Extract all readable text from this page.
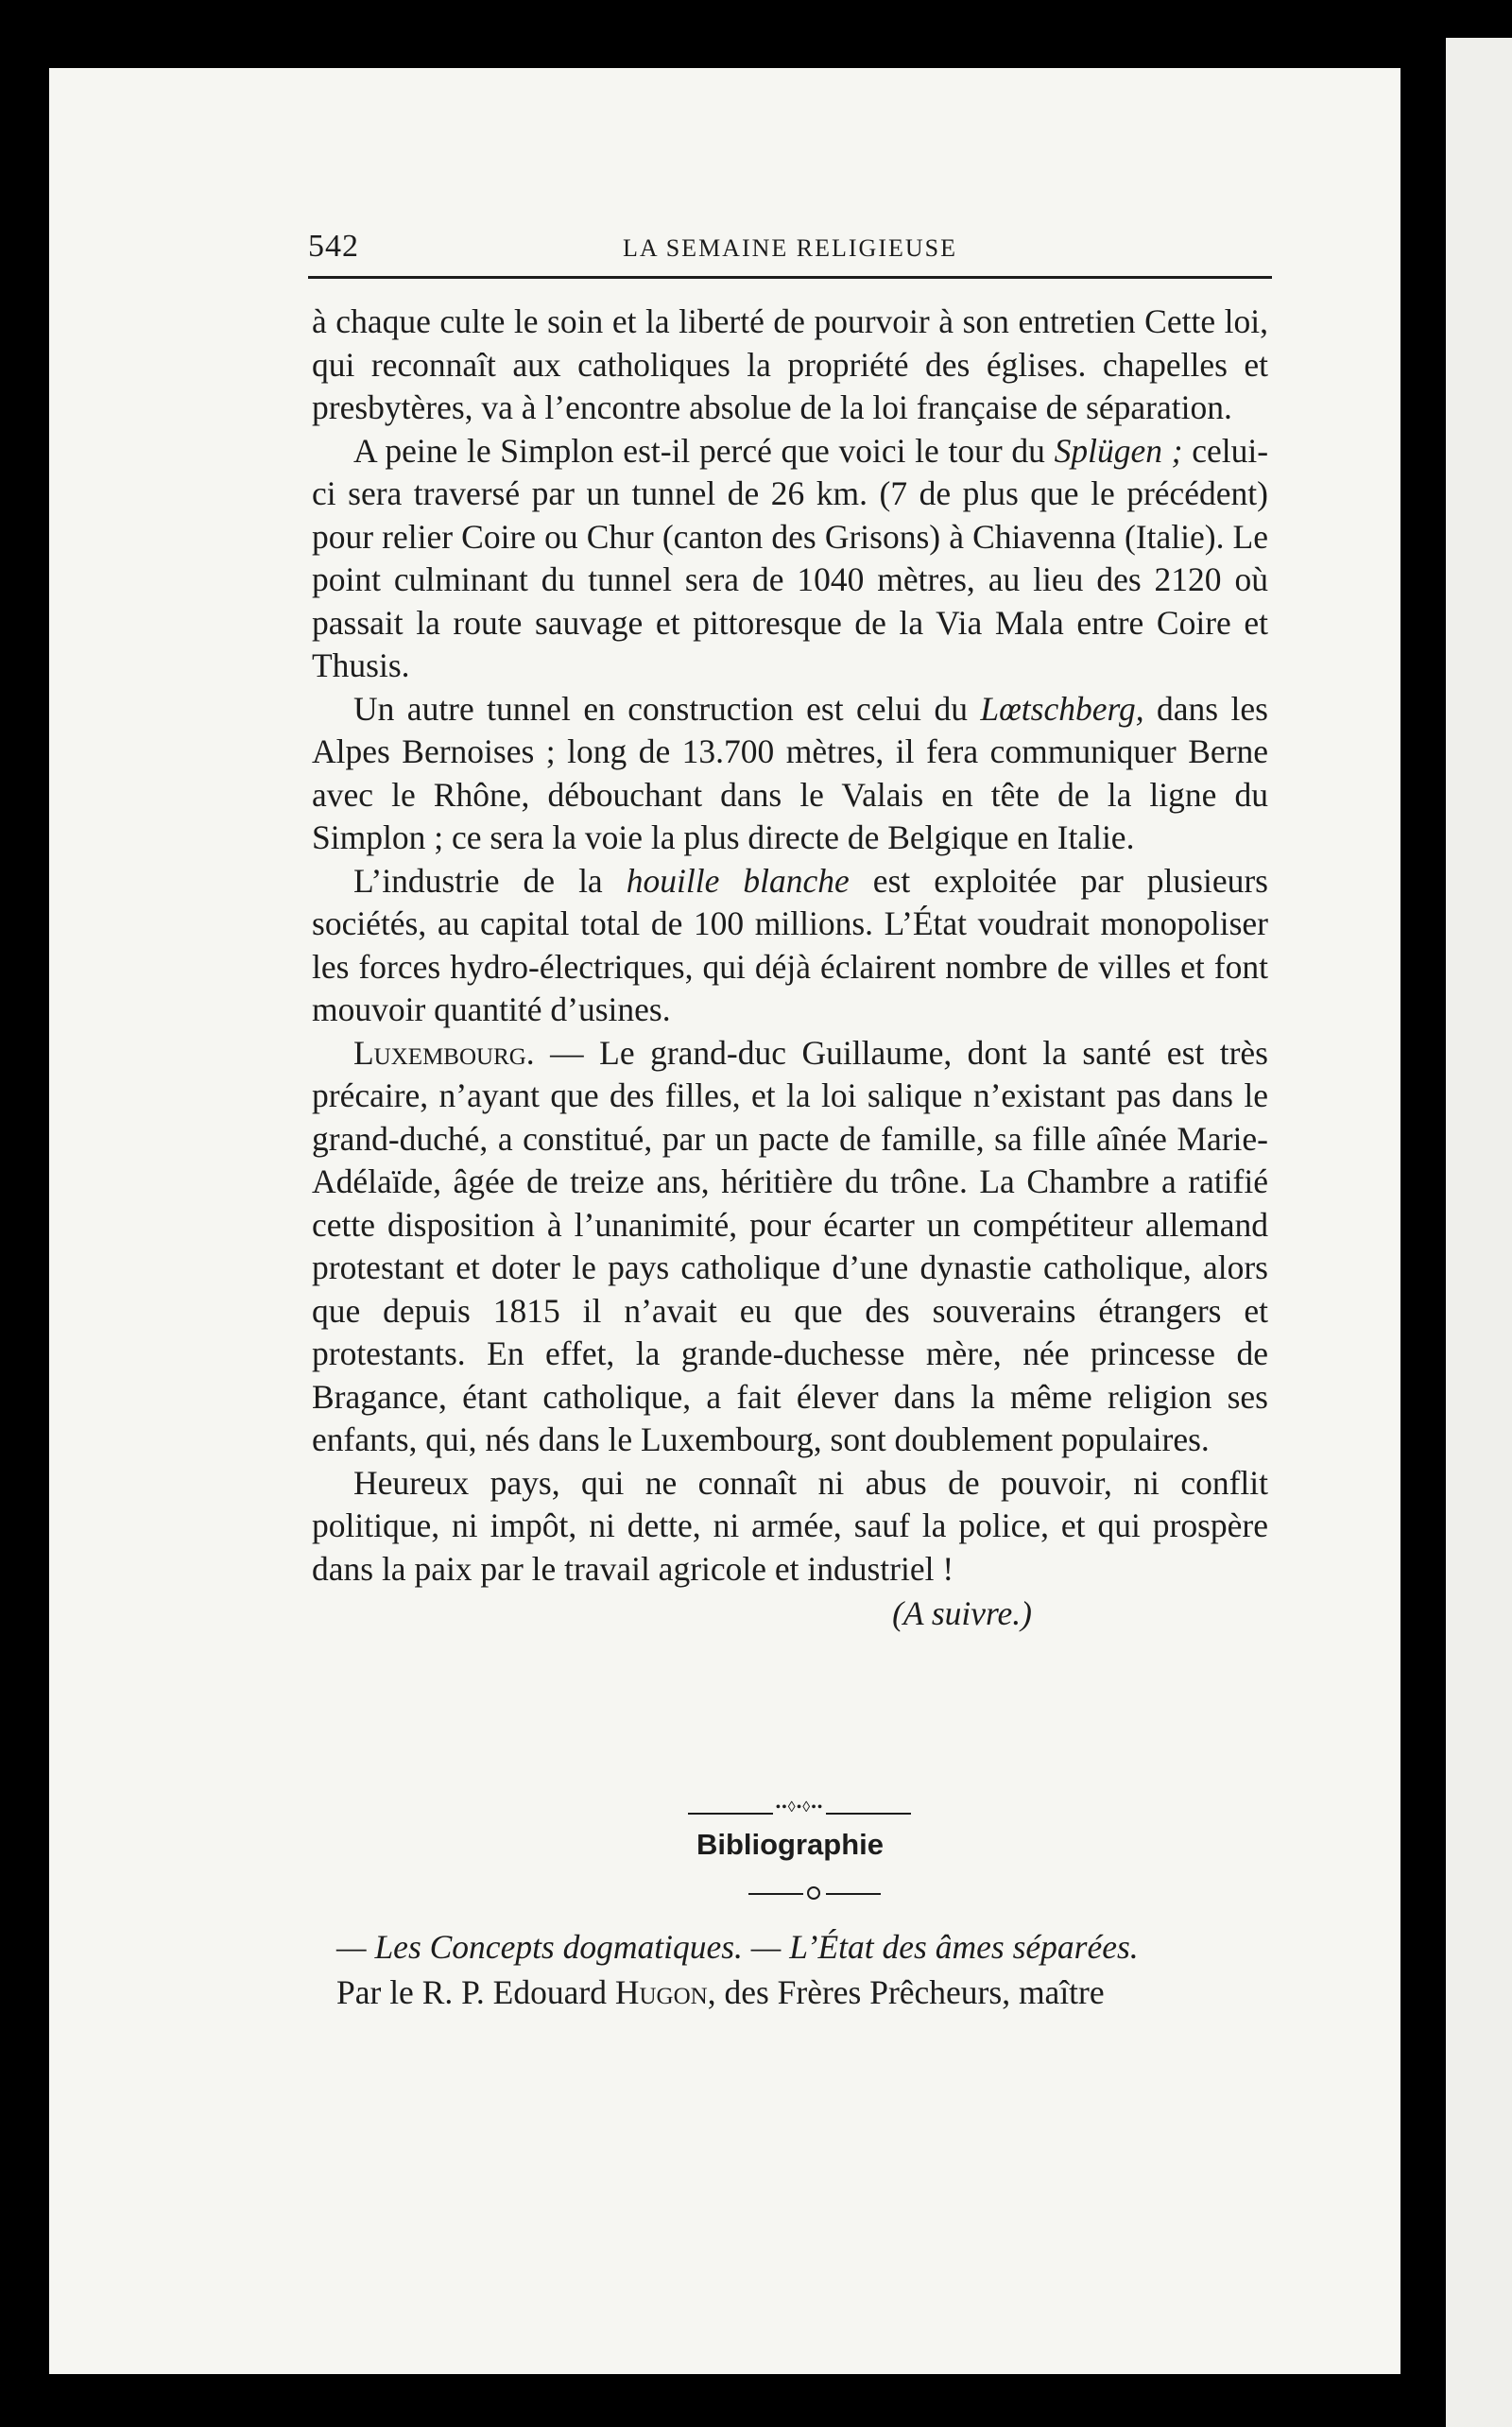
542	LA SEMAINE RELIGIEUSE

à chaque culte le soin et la liberté de pourvoir à son entretien Cette loi, qui reconnaît aux catholiques la propriété des églises. chapelles et presbytères, va à l’encontre absolue de la loi française de séparation.

A peine le Simplon est-il percé que voici le tour du Splügen ; celui-ci sera traversé par un tunnel de 26 km. (7 de plus que le précédent) pour relier Coire ou Chur (canton des Grisons) à Chiavenna (Italie). Le point culminant du tunnel sera de 1040 mètres, au lieu des 2120 où passait la route sauvage et pittoresque de la Via Mala entre Coire et Thusis.

Un autre tunnel en construction est celui du Lœtschberg, dans les Alpes Bernoises ; long de 13.700 mètres, il fera communiquer Berne avec le Rhône, débouchant dans le Valais en tête de la ligne du Simplon ; ce sera la voie la plus directe de Belgique en Italie.

L’industrie de la houille blanche est exploitée par plusieurs sociétés, au capital total de 100 millions. L’État voudrait monopoliser les forces hydro-électriques, qui déjà éclairent nombre de villes et font mouvoir quantité d’usines.

Luxembourg. — Le grand-duc Guillaume, dont la santé est très précaire, n’ayant que des filles, et la loi salique n’existant pas dans le grand-duché, a constitué, par un pacte de famille, sa fille aînée Marie-Adélaïde, âgée de treize ans, héritière du trône. La Chambre a ratifié cette disposition à l’unanimité, pour écarter un compétiteur allemand protestant et doter le pays catholique d’une dynastie catholique, alors que depuis 1815 il n’avait eu que des souverains étrangers et protestants. En effet, la grande-duchesse mère, née princesse de Bragance, étant catholique, a fait élever dans la même religion ses enfants, qui, nés dans le Luxembourg, sont doublement populaires.

Heureux pays, qui ne connaît ni abus de pouvoir, ni conflit politique, ni impôt, ni dette, ni armée, sauf la police, et qui prospère dans la paix par le travail agricole et industriel !

(A suivre.)
••◊•◊••
Bibliographie

— Les Concepts dogmatiques. — L’État des âmes séparées.

Par le R. P. Edouard Hugon, des Frères Prêcheurs, maître
